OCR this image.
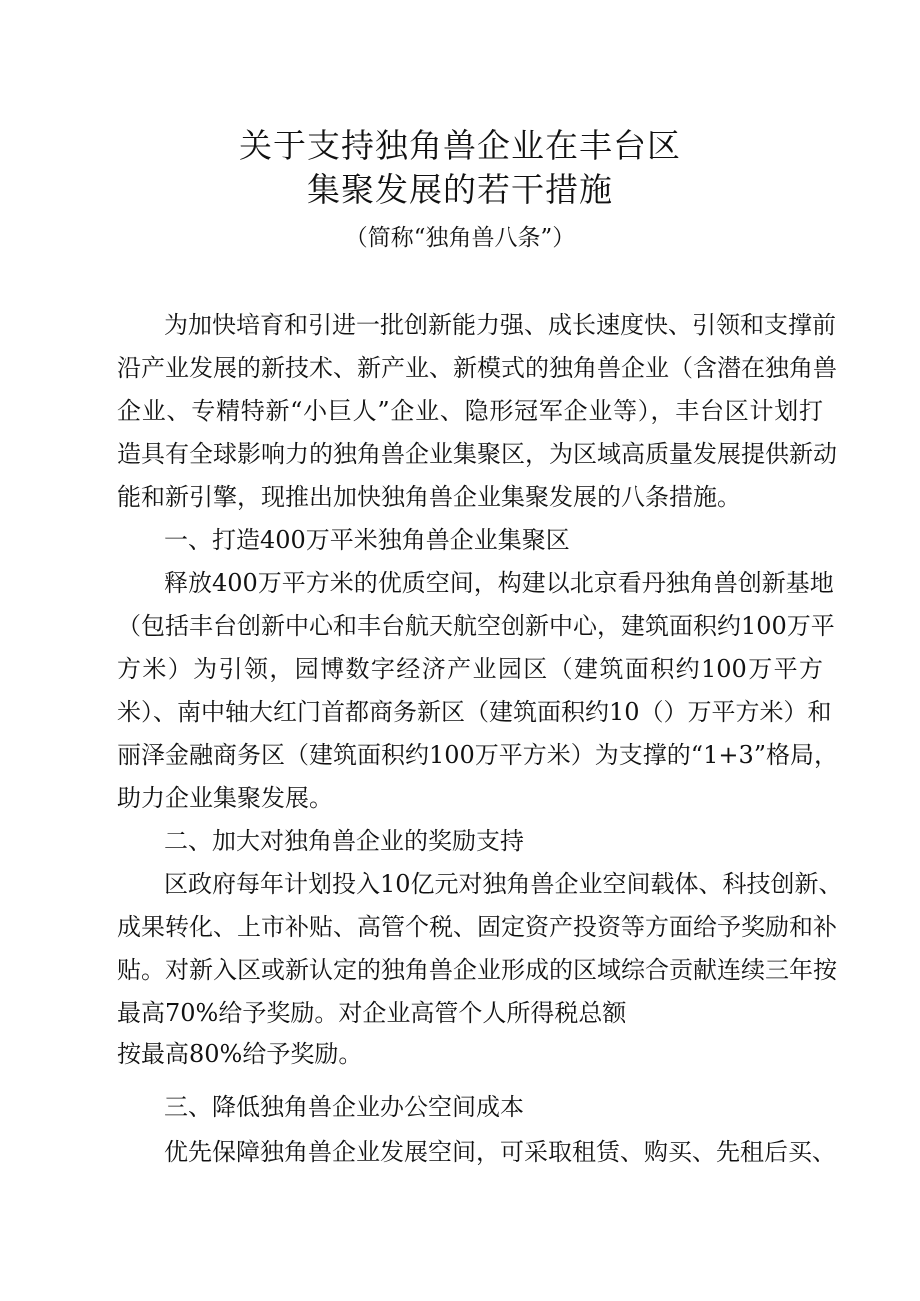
关于支持独角兽企业在丰台区
集聚发展的若干措施
（简称“独角兽八条”）
为加快培育和引进一批创新能力强、成长速度快、引领和支撑前
沿产业发展的新技术、新产业、新模式的独角兽企业（含潜在独角兽
企业、专精特新“小巨人”企业、隐形冠军企业等），丰台区计划打
造具有全球影响力的独角兽企业集聚区，为区域高质量发展提供新动
能和新引擎，现推出加快独角兽企业集聚发展的八条措施。
一、打造400万平米独角兽企业集聚区
释放400万平方米的优质空间，构建以北京看丹独角兽创新基地
（包括丰台创新中心和丰台航天航空创新中心，建筑面积约100万平
方米）为引领，园博数字经济产业园区（建筑面积约100万平方
米）、南中轴大红门首都商务新区（建筑面积约10（）万平方米）和
丽泽金融商务区（建筑面积约100万平方米）为支撑的“1+3”格局，
助力企业集聚发展。
二、加大对独角兽企业的奖励支持
区政府每年计划投入10亿元对独角兽企业空间载体、科技创新、
成果转化、上市补贴、高管个税、固定资产投资等方面给予奖励和补
贴。对新入区或新认定的独角兽企业形成的区域综合贡献连续三年按
最高70%给予奖励。对企业高管个人所得税总额
按最高80%给予奖励。
三、降低独角兽企业办公空间成本
优先保障独角兽企业发展空间，可采取租赁、购买、先租后买、
